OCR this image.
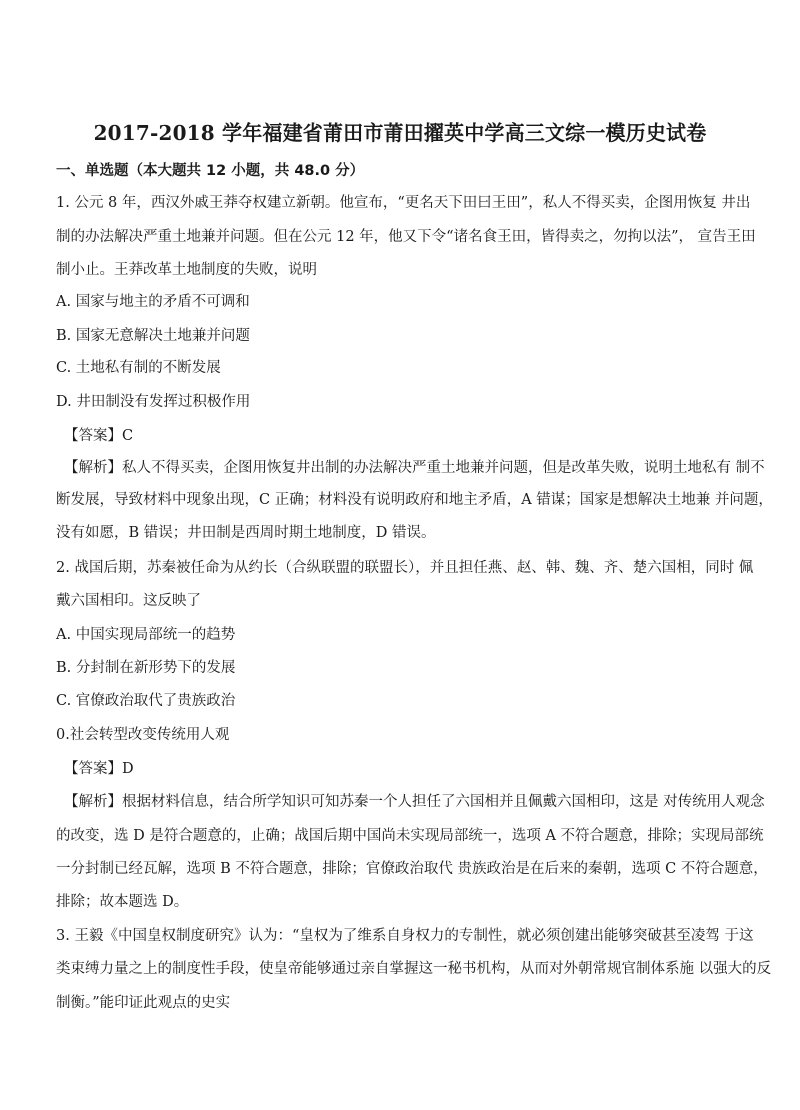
2017-2018 学年福建省莆田市莆田擢英中学高三文综一模历史试卷
一、单选题（本大题共 12 小题，共 48.0 分）
1. 公元 8 年，西汉外戚王莽夺权建立新朝。他宣布，“更名天下田曰王田”，私人不得买卖，企图用恢复 井出
制的办法解决严重土地兼并问题。但在公元 12 年，他又下令“诸名食王田，皆得卖之，勿拘以法”， 宣告王田
制小止。王莽改革土地制度的失败，说明
A. 国家与地主的矛盾不可调和
B. 国家无意解决土地兼并问题
C. 土地私有制的不断发展
D. 井田制没有发挥过积极作用
【答案】C
【解析】私人不得买卖，企图用恢复井出制的办法解决严重土地兼并问题，但是改革失败，说明土地私有 制不
断发展，导致材料中现象出现，C 正确；材料没有说明政府和地主矛盾，A 错谋；国家是想解决土地兼 并问题，
没有如愿，B 错误；井田制是西周时期土地制度，D 错误。
2. 战国后期，苏秦被任命为从约长（合纵联盟的联盟长），并且担任燕、赵、韩、魏、齐、楚六国相，同时 佩
戴六国相印。这反映了
A. 中国实现局部统一的趋势
B. 分封制在新形势下的发展
C. 官僚政治取代了贵族政治
0.社会转型改变传统用人观
【答案】D
【解析】根据材料信息，结合所学知识可知苏秦一个人担任了六国相并且佩戴六国相印，这是 对传统用人观念
的改变，选 D 是符合题意的，止确；战国后期中国尚未实现局部统一，选项 A 不符合题意，排除；实现局部统
一分封制已经瓦解，选项 B 不符合题意，排除；官僚政治取代 贵族政治是在后来的秦朝，选项 C 不符合题意，
排除；故本题选 D。
3. 王毅《中国皇权制度研究》认为：“皇权为了维系自身权力的专制性，就必须创建出能够突破甚至凌驾 于这
类束缚力量之上的制度性手段，使皇帝能够通过亲自掌握这一秘书机构，从而对外朝常规官制体系施 以强大的反
制衡。”能印证此观点的史实
